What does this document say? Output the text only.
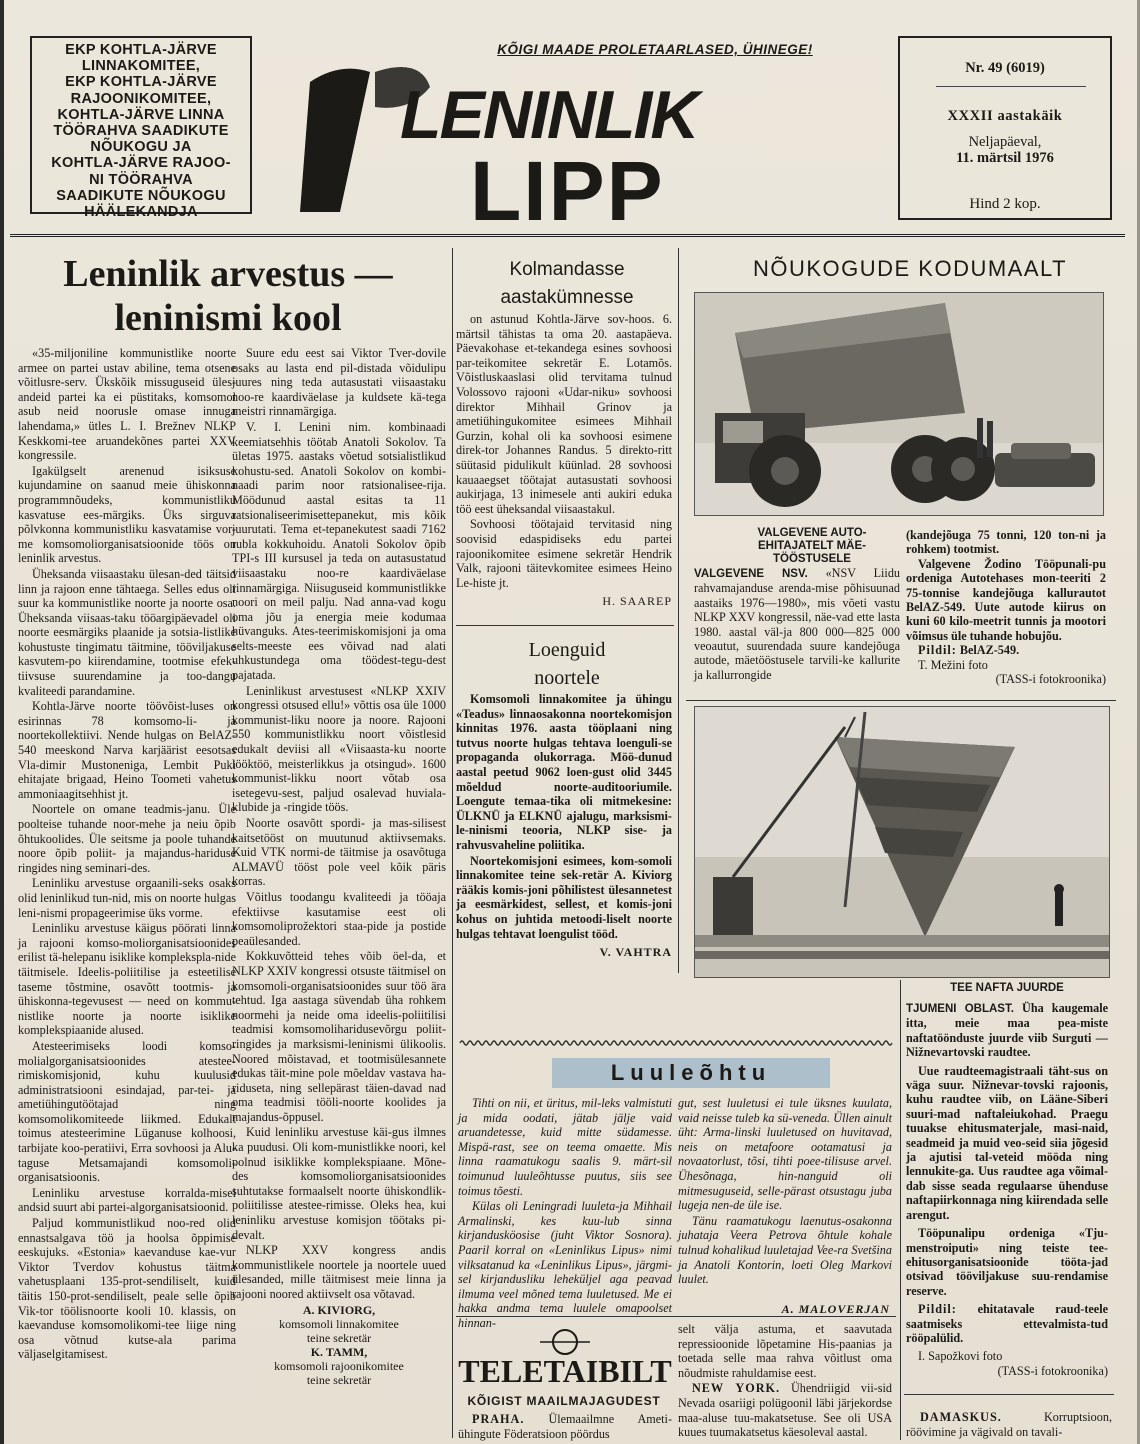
EKP KOHTLA-JÄRVE
LINNAKOMITEE,
EKP KOHTLA-JÄRVE
RAJOONIKOMITEE,
KOHTLA-JÄRVE LINNA
TÖÖRAHVA SAADIKUTE
NÕUKOGU JA
KOHTLA-JÄRVE RAJOO-
NI TÖÖRAHVA
SAADIKUTE NÕUKOGU
HÄÄLEKANDJA
KÕIGI MAADE PROLETAARLASED, ÜHINEGE!
LENINLIK
LIPP
Nr. 49 (6019)
XXXII aastakäik
Neljapäeval,
11. märtsil 1976
Hind 2 kop.
Leninlik arvestus —
leninismi kool

«35-miljoniline kommunistlike noorte armee on partei ustav abiline, tema otsene võitlusre-serv. Ükskõik missuguseid üles-andeid partei ka ei püstitaks, komsomol asub neid nooruslе omase innuga lahendama,» ütles L. I. Brežnev NLKP Keskkomi-tee aruandekõnes partei XXV kongressile.

Igakülgselt arenenud isiksuse kujundamine on saanud meie ühiskonna programmnõudeks, kommunistliku kasvatuse ees-märgiks. Üks sirguva põlvkonna kommunistliku kasvatamise vor-me komsomoliorganisatsioonide töös on leninlik arvestus.

Üheksanda viisaastaku ülesan-ded täitsid linn ja rajoon enne tähtaega. Selles edus oli suur ka kommunistlike noorte ja noorte osa. Üheksanda viisaas-taku tööargipäevadel oli noorte eesmärgiks plaanide ja sotsia-listlike kohustuste tingimatu täitmine, tööviljakuse kasvutem-po kiirendamine, tootmise efek-tiivsuse suurendamine ja too-dangu kvaliteedi parandamine.

Kohtla-Järve noorte töövõist-luses on esirinnas 78 komsomo-li- ja noortekollektiivi. Nende hulgas on BelAZ-540 meeskond Narva karjäärist eesotsas Vla-dimir Mustoneniga, Lembit Puki ehitajate brigaad, Heino Toometi vahetus ammoniaagitsehhist jt.

Noortele on omane teadmis-janu. Üle poolteise tuhande noor-mehe ja neiu õpib õhtukoolides. Üle seitsme ja poole tuhande noore õpib poliit- ja majandus-hariduse ringides ning seminari-des.

Leninliku arvestuse orgaanili-seks osaks olid leninlikud tun-nid, mis on noorte hulgas leni-nismi propageerimise üks vorme.

Leninliku arvestuse käigus pöörati linna ja rajooni komso-moliorganisatsioonides erilist tä-helepanu isiklike komplekspla-nide täitmisele. Ideelis-poliitilise ja esteetilise taseme tõstmine, osavõtt tootmis- ja ühiskonna-tegevusest — need on kommu-nistlike noorte ja noorte isiklike komplekspiaanide alused.

Atesteerimiseks loodi komso-molialgorganisatsioonides atestee-rimiskomisjonid, kuhu kuulusid administratsiooni esindajad, par-tei- ja ametiühingutöötajad ning komsomolikomiteede liikmed. Edukalt toimus atesteerimine Lüganuse kolhoosi, tarbijate koo-peratiivi, Erra sovhoosi ja Alu-taguse Metsamajandi komsomoli-organisatsioonis.

Leninliku arvestuse korralda-misel andsid suurt abi partei-algorganisatsioonid.

Paljud kommunistlikud noo-red olid ennastsalgava töö ja hoolsa õppimise eeskujuks. «Estonia» kaevanduse kae-vur Viktor Tverdov kohustus täitma vahetusplaani 135-prot-sendiliselt, kuid täitis 150-prot-sendiliselt, peale selle õpib Vik-tor töölisnoorte kooli 10. klassis, on kaevanduse komsomolikomi-tee liige ning osa võtnud kutse-ala parima väljaselgitamisest.

Suure edu eest sai Viktor Tver-dovile osaks au lasta end pil-distada võidulipu juures ning teda autasustati viisaastaku noo-re kaardiväelase ja kuldsete kä-tega meistri rinnamärgiga.

V. I. Lenini nim. kombinaadi keemiatsehhis töötab Anatoli Sokolov. Ta ületas 1975. aastaks võetud sotsialistlikud kohustu-sed. Anatoli Sokolov on kombi-naadi parim noor ratsionaliseе-rija. Möödunud aastal esitas ta 11 ratsionaliseerimisettepanekut, mis kõik juurutati. Tema et-tepanekutest saadi 7162 rubla kokkuhoidu. Anatoli Sokolov õpib TPI-s III kursusel ja teda on autasustatud viisaastaku noo-re kaardiväelase rinnamärgiga. Niisuguseid kommunistlikke noori on meil palju. Nad anna-vad kogu oma jõu ja energia meie kodumaa hüvanguks. Ates-teerimiskomisjoni ja oma selts-meeste ees võivad nad alati uhkustundega oma töödest-tegu-dest pajatada.

Leninlikust arvestusest «NLKP XXIV kongressi otsused ellu!» võttis osa üle 1000 kommunist-liku noore ja noore. Rajooni 550 kommunistlikku noort võistlesid edukalt deviisi all «Viisaasta-ku noorte löökt​öö, meisterlikkus ja otsingud». 1600 kommunist-likku noort võtab osa isetegevu-sest, paljud osalevad huviala-klubide ja -ringide töös.

Noorte osavõtt spordi- ja mas-silisest kaitsetööst on muutunud aktiivsemaks. Kuid VTK normi-de täitmise ja osavõtuga ALMAVÜ tööst pole veel kõik päris korras.

Võitlus toodangu kvaliteedi ja tööaja efektiivse kasutamise eest oli komsomoliprožektori staa-pide ja postide peaülesanded.

Kokkuvõtteid tehes võib öel-da, et NLKP XXIV kongressi otsuste täitmisel on komsomoli-organisatsioonides suur töö ära tehtud. Iga aastaga süvendab üha rohkem noormehi ja neide oma ideelis-poliitilisi teadmisi komsomoliharidusevõrgu poliit-ringides ja marksismi-leninismi ülikoolis. Noored mõistavad, et tootmisülesannete edukas täit-mine pole mõeldav vastava ha-riduseta, ning sellepärast täien-davad nad oma teadmisi tööli-noorte koolides ja majandus-õppusel.

Kuid leninliku arvestuse käi-gus ilmnes ka puudusi. Oli kom-munistlikke noori, kel polnud isiklikke komplekspiaane. Mõne-des komsomoliorganisatsioonides suhtutakse formaalselt noorte ühiskondlik-poliitilisse atestee-rimisse. Oleks hea, kui leninliku arvestuse komisjon töötaks pi-devalt.

NLKP XXV kongress andis kommunistlikele noortele ja noortele uued ülesanded, mille täitmisest meie linna ja rajooni noored aktiivselt osa võtavad.

A. KIVIORG,
komsomoli linnakomitee
teine sekretär
K. TAMM,
komsomoli rajoonikomitee
teine sekretär
Kolmandasse
aastakümnesse

on astunud Kohtla-Järve sov-hoos. 6. märtsil tähistas ta oma 20. aastapäeva. Päevakohase et-tekandega esines sovhoosi par-teikomitee sekretär E. Lotamõs. Võistluskaaslasi olid tervitama tulnud Volossovo rajooni «Udar-niku» sovhoosi direktor Mihhail Grinov ja ametiühingukomitee esimees Mihhail Gurzin, kohal oli ka sovhoosi esimene direk-tor Johannes Randus. 5 direkto-ritt süütasid pidulikult küünlad. 28 sovhoosi kauaaegset töötajat autasustati sovhoosi aukirjaga, 13 inimesele anti aukiri eduka töö eest üheksandal viisaastakul.

Sovhoosi töötajaid tervitasid ning soovisid edaspidiseks edu partei rajoonikomitee esimene sekretär Hendrik Valk, rajooni täitevkomitee esimees Heino Le-histe jt.

H. SAAREP
Loenguid
noortele

Komsomoli linnakomitee ja ühingu «Teadus» linnaosakonna noortekomisjon kinnitas 1976. aasta tööplaani ning tutvus noorte hulgas tehtava loenguli-se propaganda olukorraga. Möö-dunud aastal peetud 9062 loen-gust olid 3445 mõeldud noorte-auditooriumile. Loengute temaa-tika oli mitmekesine: ÜLKNÜ ja ELKNÜ ajalugu, marksismi-le-ninismi teooria, NLKP sise- ja rahvusvaheline poliitika.

Noortekomisjoni esimees, kom-somoli linnakomitee teine sek-retär A. Kiviorg rääkis komis-joni põhilistest ülesannetest ja eesmärkidest, sellest, et komis-joni kohus on juhtida metoodi-liselt noorte hulgas tehtavat loengulist tööd.

V. VAHTRA
NÕUKOGUDE KODUMAALT
VALGEVENE AUTO-EHITAJATELT MÄE-TÖÖSTUSELE
VALGEVENE NSV. «NSV Liidu rahvamajanduse arenda-mise põhisuunad aastaiks 1976—1980», mis võeti vastu NLKP XXV kongressil, näe-vad ette lasta 1980. aastal väl-ja 800 000—825 000 veoautut, suurendada suure kandejõuga autode, mäetööstusele tarvili-ke kallurite ja kallurrongide
(kandejõuga 75 tonni, 120 ton-ni ja rohkem) tootmist.
Valgevene Žodino Tööpunali-pu ordeniga Autotehases mon-teeriti 2 75-tonnise kandejõuga kallurautot BelAZ-549. Uute autode kiirus on kuni 60 kilo-meetrit tunnis ja mootori võimsus üle tuhande hobujõu.
Pildil: BelAZ-549.
T. Mežini foto
(TASS-i fotokroonika)
TEE NAFTA JUURDE
TJUMENI OBLAST. Üha kaugemale itta, meie maa pea-miste naftatööndustе juurde viib Surguti — Nižnevartovski raudtee.
Uue raudteemagistraali täht-sus on väga suur. Nižnevar-tovski rajoonis, kuhu raudtee viib, on Lääne-Siberi suuri-mad naftaleiukohad. Praegu tuuakse ehitusmaterjale, masi-naid, seadmeid ja muid veo-seid siia jõgesid ja ajutisi tal-veteid mööda ning lennukite-ga. Uus raudtee aga võimal-dab sisse seada regulaarse ühenduse naftapiirkonnaga ning kiirendada selle arengut.
Tööpunalipu ordeniga «Tju-menstroiputi» ning teiste tee-ehitusorganisatsioonide tööta-jad otsivad tööviljakuse suu-rendamise reserve.
Pildil: ehitatavale raud-teele saatmiseks ettevalmista-tud rööpalülid.
I. Sapožkovi foto
(TASS-i fotokroonika)
Luuleõhtu

Tihti on nii, et üritus, mil-leks valmistuti ja mida oodati, jätab jälje vaid aruandetesse, kuid mitte südamesse. Mispä-rast, see on teema omaette. Mis linna raamatukogu saalis 9. märt-sil toimunud luuleõhtusse puutus, siis see toimus tõesti.

Külas oli Leningradi luuleta-ja Mihhail Armalinski, kes kuu-lub sinna kirjandusköosise (juht Viktor Sosnora). Paaril korral on «Leninlikus Lipus» nimi vilksatanud ka «Leninlikus Lipus», järgmi-sel kirjandusliku leheküljel aga peavad ilmuma veel mõned tema luuletused. Me ei hakka andma tema luulele omapoolset hinnan-

gut, sest luuletusi ei tule üksnes kuulata, vaid neisse tuleb ka sü-veneda. Üllen ainult üht: Arma-linski luuletused on huvitavad, neis on metafoore ootamatusi ja novaatorlust, tõsi, tihti poee-tilisuse arvel. Ühesõnaga, hin-nanguid oli mitmesuguseid, selle-pärast otsustagu juba lugeja nen-de üle ise.

Tänu raamatukogu laenutus-osakonna juhataja Veera Petrova õhtule kohale tulnud kohalikud luuletajad Vee-ra Svetšina ja Anatoli Kontorin, loeti Oleg Markovi luulet.

A. MALOVERJAN
TELETAIBILT
KÕIGIST MAAILMAJAGUDEST

PRAHA. Ülemaailmne Ameti-ühingute Föderatsioon pöördus

selt välja astuma, et saavutada repressioonide lõpetamine His-paanias ja toetada selle maa rahva võitlust oma nõudmiste rahuldamise eest.

NEW YORK. Ühendriigid vii-sid Nevada osariigi polügoonil läbi järjekordse maa-aluse tuu-makatsetuse. See oli USA kuues tuumakatsetus käesoleval aastal.

DAMASKUS.	Korruptsioon, röövimine ja vägivald on tavali-
